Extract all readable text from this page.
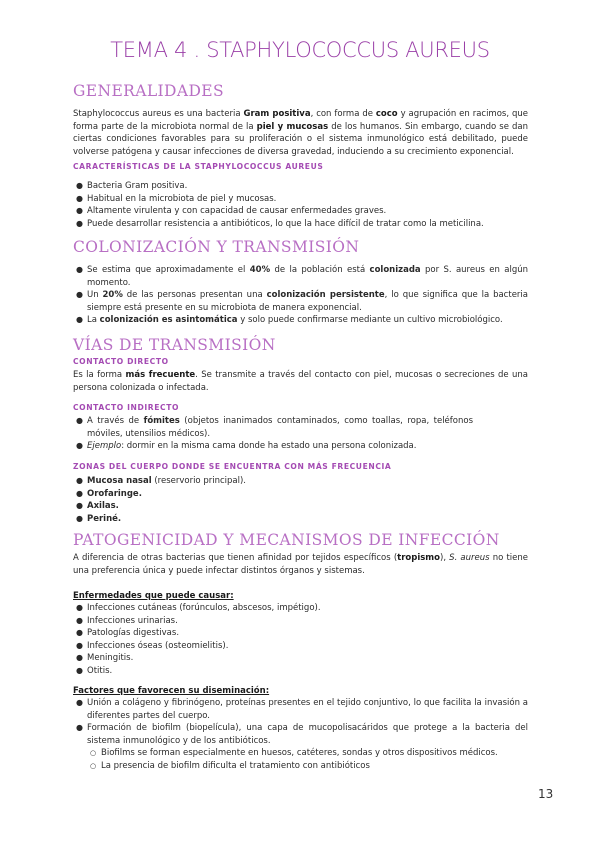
TEMA 4 . STAPHYLOCOCCUS AUREUS
GENERALIDADES
Staphylococcus aureus es una bacteria Gram positiva, con forma de coco y agrupación en racimos, que forma parte de la microbiota normal de la piel y mucosas de los humanos. Sin embargo, cuando se dan ciertas condiciones favorables para su proliferación o el sistema inmunológico está debilitado, puede volverse patógena y causar infecciones de diversa gravedad, induciendo a su crecimiento exponencial.
CARACTERÍSTICAS DE LA STAPHYLOCOCCUS AUREUS
● Bacteria Gram positiva.
● Habitual en la microbiota de piel y mucosas.
● Altamente virulenta y con capacidad de causar enfermedades graves.
● Puede desarrollar resistencia a antibióticos, lo que la hace difícil de tratar como la meticilina.
COLONIZACIÓN Y TRANSMISIÓN
● Se estima que aproximadamente el 40% de la población está colonizada por S. aureus en algún momento.
● Un 20% de las personas presentan una colonización persistente, lo que significa que la bacteria siempre está presente en su microbiota de manera exponencial.
● La colonización es asintomática y solo puede confirmarse mediante un cultivo microbiológico.
VÍAS DE TRANSMISIÓN
CONTACTO DIRECTO
Es la forma más frecuente. Se transmite a través del contacto con piel, mucosas o secreciones de una persona colonizada o infectada.
CONTACTO INDIRECTO
● A través de fómites (objetos inanimados contaminados, como toallas, ropa, teléfonos móviles, utensilios médicos).
● Ejemplo: dormir en la misma cama donde ha estado una persona colonizada.
ZONAS DEL CUERPO DONDE SE ENCUENTRA CON MÁS FRECUENCIA
● Mucosa nasal (reservorio principal).
● Orofaringe.
● Axilas.
● Periné.
PATOGENICIDAD Y MECANISMOS DE INFECCIÓN
A diferencia de otras bacterias que tienen afinidad por tejidos específicos (tropismo), S. aureus no tiene una preferencia única y puede infectar distintos órganos y sistemas.
Enfermedades que puede causar:
● Infecciones cutáneas (forúnculos, abscesos, impétigo).
● Infecciones urinarias.
● Patologías digestivas.
● Infecciones óseas (osteomielitis).
● Meningitis.
● Otitis.
Factores que favorecen su diseminación:
● Unión a colágeno y fibrinógeno, proteínas presentes en el tejido conjuntivo, lo que facilita la invasión a diferentes partes del cuerpo.
● Formación de biofilm (biopelícula), una capa de mucopolisacáridos que protege a la bacteria del sistema inmunológico y de los antibióticos.
○ Biofilms se forman especialmente en huesos, catéteres, sondas y otros dispositivos médicos.
○ La presencia de biofilm dificulta el tratamiento con antibióticos
13
